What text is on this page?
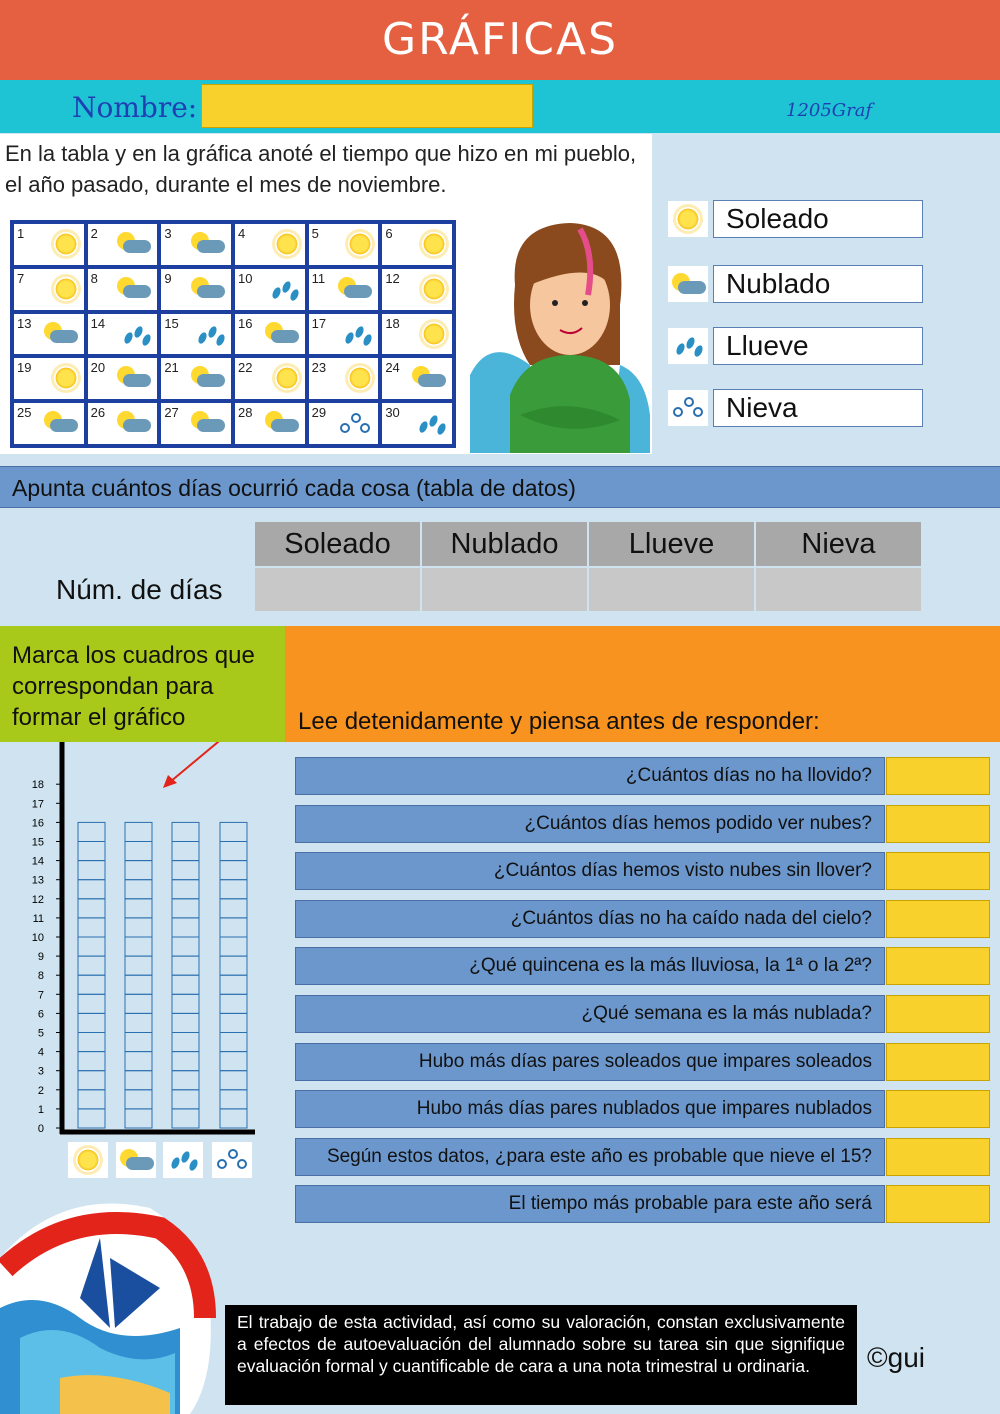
GRÁFICAS
Nombre:	1205Graf
En la tabla y en la gráfica anoté el tiempo que hizo en mi pueblo, el año pasado, durante el mes de noviembre.
1	2	3	4	5	6
7	8	9	10	11	12
13	14	15	16	17	18
19	20	21	22	23	24
25	26	27	28	29	30
Soleado
Nublado
Llueve
Nieva
Apunta cuántos días ocurrió cada cosa (tabla de datos)
Núm. de días
Soleado	Nublado	Llueve	Nieva

Marca los cuadros que correspondan para formar el gráfico	Lee detenidamente y piensa antes de responder:
0
1
2
3
4
5
6
7
8
9
10
11
12
13
14
15
16
17
18
El trabajo de esta actividad, así como su valoración, constan exclusivamente a efectos de autoevaluación del alumnado sobre su tarea sin que signifique evaluación formal y cuantificable de cara a una nota trimestral u ordinaria.	©gui
¿Cuántos días no ha llovido?
¿Cuántos días hemos podido ver nubes?
¿Cuántos días hemos visto nubes sin llover?
¿Cuántos días no ha caído nada del cielo?
¿Qué quincena es la más lluviosa, la 1ª o la 2ª?
¿Qué semana es la más nublada?
Hubo más días pares soleados que impares soleados
Hubo más días pares nublados que impares nublados
Según estos datos, ¿para este año es probable que nieve el 15?
El tiempo más probable para este año será
